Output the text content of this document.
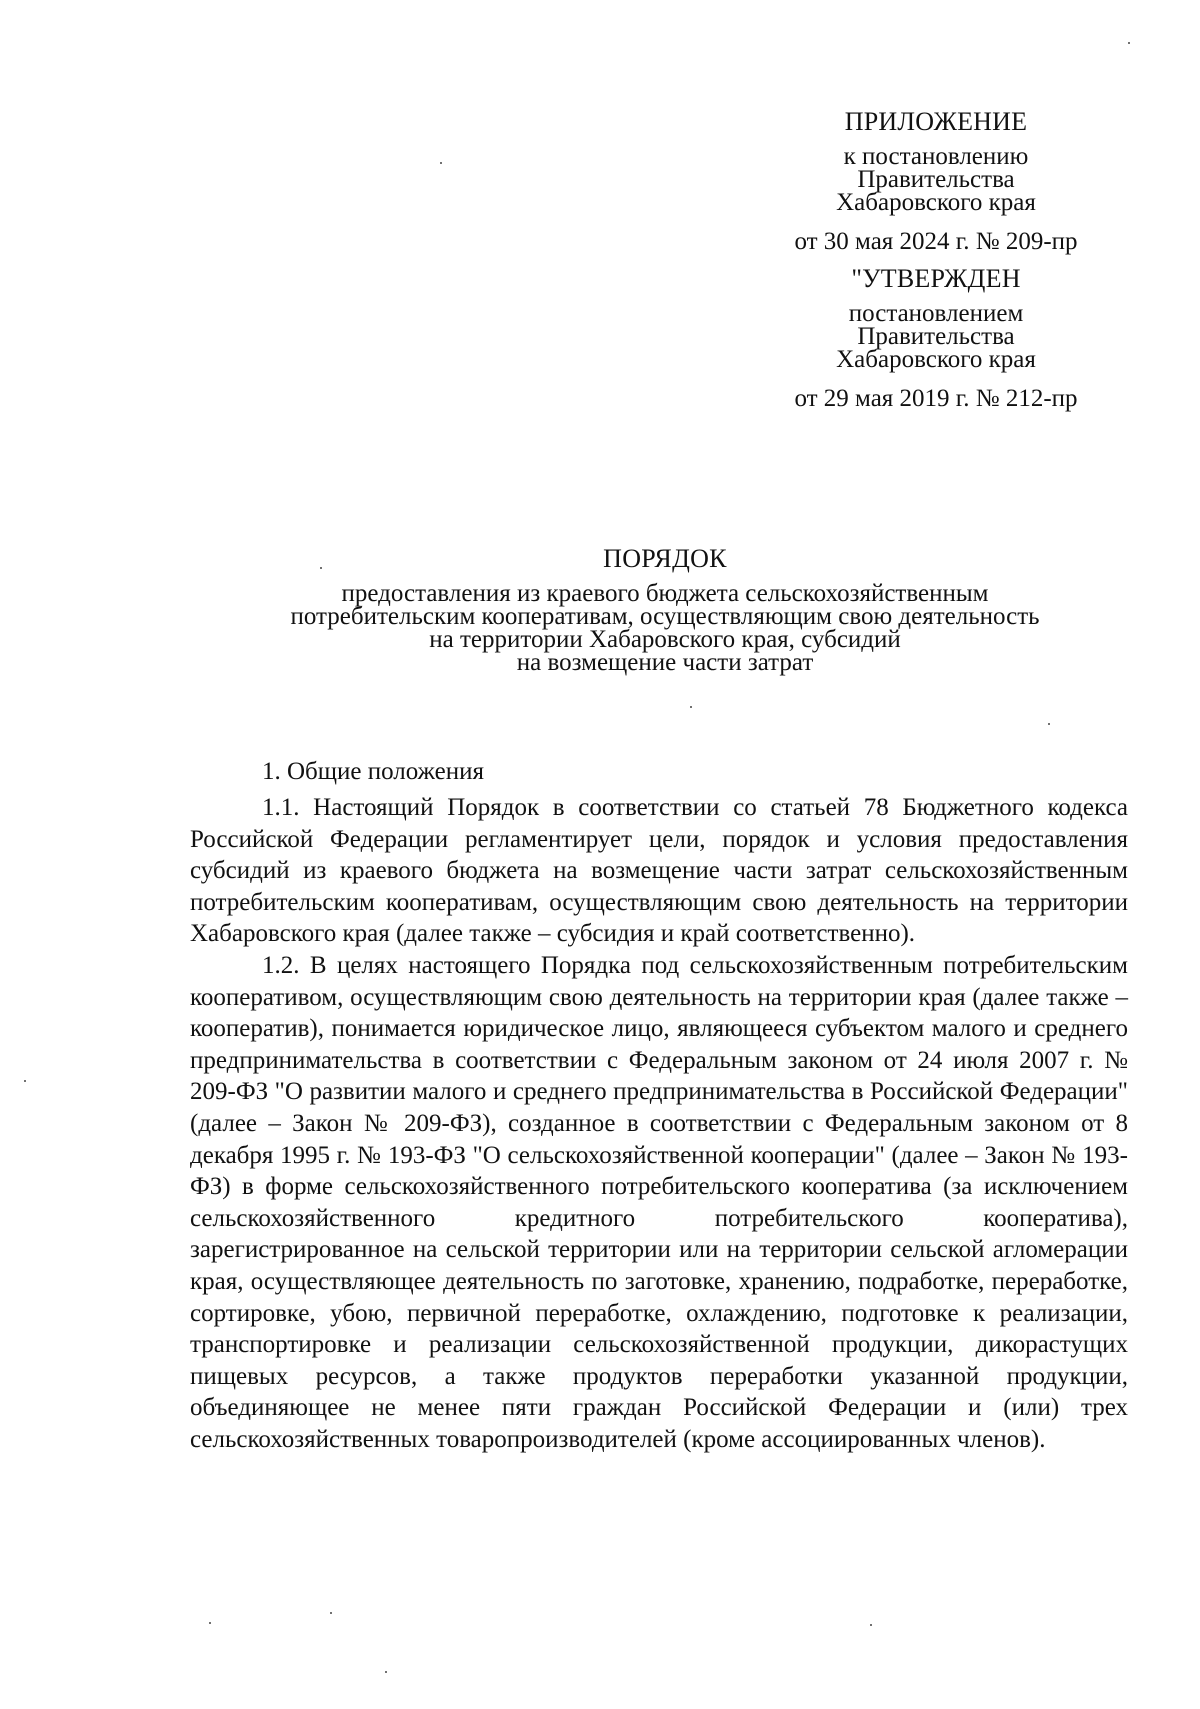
ПРИЛОЖЕНИЕ
к постановлению
Правительства
Хабаровского края
от 30 мая 2024 г. № 209-пр
"УТВЕРЖДЕН
постановлением
Правительства
Хабаровского края
от 29 мая 2019 г. № 212-пр
ПОРЯДОК
предоставления из краевого бюджета сельскохозяйственным
потребительским кооперативам, осуществляющим свою деятельность
на территории Хабаровского края, субсидий
на возмещение части затрат
1. Общие положения

1.1. Настоящий Порядок в соответствии со статьей 78 Бюджетного кодекса Российской Федерации регламентирует цели, порядок и условия предоставления субсидий из краевого бюджета на возмещение части затрат сельскохозяйственным потребительским кооперативам, осуществляющим свою деятельность на территории Хабаровского края (далее также – субсидия и край соответственно).

1.2. В целях настоящего Порядка под сельскохозяйственным потребительским кооперативом, осуществляющим свою деятельность на территории края (далее также – кооператив), понимается юридическое лицо, являющееся субъектом малого и среднего предпринимательства в соответствии с Федеральным законом от 24 июля 2007 г. № 209-ФЗ "О развитии малого и среднего предпринимательства в Российской Федерации" (далее – Закон № 209-ФЗ), созданное в соответствии с Федеральным законом от 8 декабря 1995 г. № 193-ФЗ "О сельскохозяйственной кооперации" (далее – Закон № 193-ФЗ) в форме сельскохозяйственного потребительского кооператива (за исключением сельскохозяйственного кредитного потребительского кооператива), зарегистрированное на сельской территории или на территории сельской агломерации края, осуществляющее деятельность по заготовке, хранению, подработке, переработке, сортировке, убою, первичной переработке, охлаждению, подготовке к реализации, транспортировке и реализации сельскохозяйственной продукции, дикорастущих пищевых ресурсов, а также продуктов переработки указанной продукции, объединяющее не менее пяти граждан Российской Федерации и (или) трех сельскохозяйственных товаропроизводителей (кроме ассоциированных членов).
